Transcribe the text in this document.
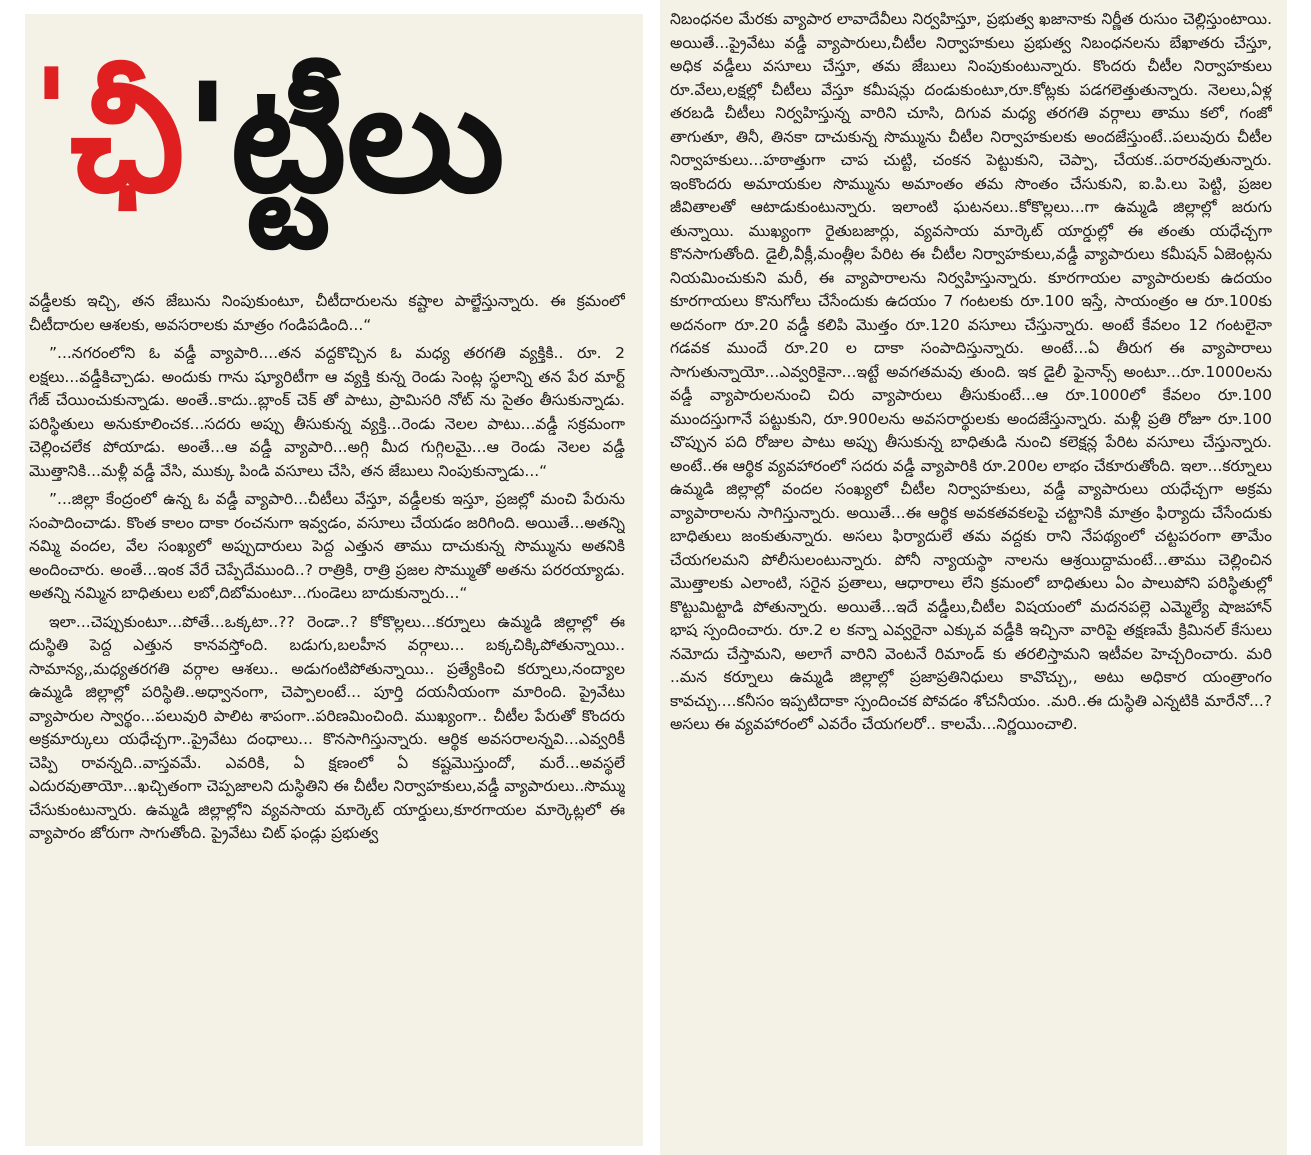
'ఛీ'ట్టీలు

వడ్డీలకు ఇచ్చి, తన జేబును నింపుకుంటూ, చీటీదారులను కష్టాల పాల్జేస్తున్నారు. ఈ క్రమంలో చీటీదారుల ఆశలకు, అవసరాలకు మాత్రం గండిపడింది...“

”...నగరంలోని ఓ వడ్డీ వ్యాపారి....తన వద్దకొచ్చిన ఓ మధ్య తరగతి వ్యక్తికి.. రూ. 2 లక్షలు...వడ్డీకిచ్చాడు. అందుకు గాను ష్యూరిటీగా ఆ వ్యక్తి కున్న రెండు సెంట్ల స్థలాన్ని తన పేర మార్ట్ గేజ్ చేయించుకున్నాడు. అంతే..కాదు..బ్లాంక్ చెక్ తో పాటు, ప్రామిసరి నోట్ ను సైతం తీసుకున్నాడు. పరిస్థితులు అనుకూలించక...సదరు అప్పు తీసుకున్న వ్యక్తి...రెండు నెలల పాటు...వడ్డీ సక్రమంగా చెల్లించలేక పోయాడు. అంతే...ఆ వడ్డీ వ్యాపారి...అగ్గి మీద గుగ్గిలమై...ఆ రెండు నెలల వడ్డీ మొత్తానికి...మళ్లీ వడ్డీ వేసి, ముక్కు పిండి వసూలు చేసి, తన జేబులు నింపుకున్నాడు...“

”...జిల్లా కేంద్రంలో ఉన్న ఓ వడ్డీ వ్యాపారి...చీటీలు వేస్తూ, వడ్డీలకు ఇస్తూ, ప్రజల్లో మంచి పేరును సంపాదించాడు. కొంత కాలం దాకా రంచనుగా ఇవ్వడం, వసూలు చేయడం జరిగింది. అయితే...అతన్ని నమ్మి వందల, వేల సంఖ్యలో అప్పుదారులు పెద్ద ఎత్తున తాము దాచుకున్న సొమ్మును అతనికి అందించారు. అంతే...ఇంక వేరే చెప్పేదేముంది..? రాత్రికి, రాత్రి ప్రజల సొమ్ముతో అతను పరరయ్యాడు. అతన్ని నమ్మిన బాధితులు లబో,దిబోమంటూ...గుండెలు బాదుకున్నారు...“

ఇలా...చెప్పుకుంటూ...పోతే...ఒక్కటా..?? రెండా..? కోకొల్లలు...కర్నూలు ఉమ్మడి జిల్లాల్లో ఈ దుస్థితి పెద్ద ఎత్తున కానవస్తోంది. బడుగు,బలహీన వర్గాలు... బక్కచిక్కిపోతున్నాయి.. సామాన్య,,మధ్యతరగతి వర్గాల ఆశలు.. అడుగంటిపోతున్నాయి.. ప్రత్యేకించి కర్నూలు,నంద్యాల ఉమ్మడి జిల్లాల్లో పరిస్థితి..అధ్వానంగా, చెప్పాలంటే... పూర్తి దయనీయంగా మారింది. ప్రైవేటు వ్యాపారుల స్వార్థం...పలువురి పాలిట శాపంగా..పరిణమించింది. ముఖ్యంగా.. చీటీల పేరుతో కొందరు అక్రమార్కులు యధేచ్చగా..ప్రైవేటు దంధాలు... కొనసాగిస్తున్నారు. ఆర్థిక అవసరాలన్నవి...ఎవ్వరికీ చెప్పి రావన్నది..వాస్తవమే. ఎవరికి, ఏ క్షణంలో ఏ కష్టమొస్తుందో, మరే...అవస్థలే ఎదురవుతాయో...ఖచ్చితంగా చెప్పజాలని దుస్థితిని ఈ చీటీల నిర్వాహకులు,వడ్డీ వ్యాపారులు..సొమ్ము చేసుకుంటున్నారు. ఉమ్మడి జిల్లాల్లోని వ్యవసాయ మార్కెట్ యార్డులు,కూరగాయల మార్కెట్లలో ఈ వ్యాపారం జోరుగా సాగుతోంది. ప్రైవేటు చిట్ ఫండ్లు ప్రభుత్వ

నిబంధనల మేరకు వ్యాపార లావాదేవీలు నిర్వహిస్తూ, ప్రభుత్వ ఖజానాకు నిర్ణీత రుసుం చెల్లిస్తుంటాయి. అయితే...ప్రైవేటు వడ్డీ వ్యాపారులు,చీటీల నిర్వాహకులు ప్రభుత్వ నిబంధనలను బేఖాతరు చేస్తూ, అధిక వడ్డీలు వసూలు చేస్తూ, తమ జేబులు నింపుకుంటున్నారు. కొందరు చీటీల నిర్వాహకులు రూ.వేలు,లక్షల్లో చీటీలు వేస్తూ కమీషన్లు దండుకుంటూ,రూ.కోట్లకు పడగలెత్తుతున్నారు. నెలలు,ఏళ్ల తరబడి చీటీలు నిర్వహిస్తున్న వారిని చూసి, దిగువ మధ్య తరగతి వర్గాలు తాము కలో, గంజో తాగుతూ, తినీ, తినకా దాచుకున్న సొమ్మును చీటీల నిర్వాహకులకు అందజేస్తుంటే..పలువురు చీటీల నిర్వాహకులు...హఠాత్తుగా చాప చుట్టి, చంకన పెట్టుకుని, చెప్పా, చేయక..పరారవుతున్నారు. ఇంకొందరు అమాయకుల సొమ్మును అమాంతం తమ సొంతం చేసుకుని, ఐ.పి.లు పెట్టి, ప్రజల జీవితాలతో ఆటాడుకుంటున్నారు. ఇలాంటి ఘటనలు..కోకొల్లలు...గా ఉమ్మడి జిల్లాల్లో జరుగు తున్నాయి. ముఖ్యంగా రైతుబజార్లు, వ్యవసాయ మార్కెట్ యార్డుల్లో ఈ తంతు యధేచ్చగా కొనసాగుతోంది. డైలీ,వీక్లీ,మంత్లీల పేరిట ఈ చీటీల నిర్వాహకులు,వడ్డీ వ్యాపారులు కమీషన్ ఏజెంట్లను నియమించుకుని మరీ, ఈ వ్యాపారాలను నిర్వహిస్తున్నారు. కూరగాయల వ్యాపారులకు ఉదయం కూరగాయలు కొనుగోలు చేసేందుకు ఉదయం 7 గంటలకు రూ.100 ఇస్తే, సాయంత్రం ఆ రూ.100కు అదనంగా రూ.20 వడ్డీ కలిపి మొత్తం రూ.120 వసూలు చేస్తున్నారు. అంటే కేవలం 12 గంటలైనా గడవక ముందే రూ.20 ల దాకా సంపాదిస్తున్నారు. అంటే...ఏ తీరుగ ఈ వ్యాపారాలు సాగుతున్నాయో...ఎవ్వరికైనా...ఇట్టే అవగతమవు తుంది. ఇక డైలీ ఫైనాన్స్ అంటూ...రూ.1000లను వడ్డీ వ్యాపారులనుంచి చిరు వ్యాపారులు తీసుకుంటే...ఆ రూ.1000లో కేవలం రూ.100 ముందస్తుగానే పట్టుకుని, రూ.900లను అవసరార్థులకు అందజేస్తున్నారు. మళ్లీ ప్రతి రోజూ రూ.100 చొప్పున పది రోజుల పాటు అప్పు తీసుకున్న బాధితుడి నుంచి కలెక్షన్ల పేరిట వసూలు చేస్తున్నారు. అంటే..ఈ ఆర్థిక వ్యవహారంలో సదరు వడ్డీ వ్యాపారికి రూ.200ల లాభం చేకూరుతోంది. ఇలా...కర్నూలు ఉమ్మడి జిల్లాల్లో వందల సంఖ్యలో చీటీల నిర్వాహకులు, వడ్డీ వ్యాపారులు యధేచ్చగా అక్రమ వ్యాపారాలను సాగిస్తున్నారు. అయితే...ఈ ఆర్థిక అవకతవకలపై చట్టానికి మాత్రం ఫిర్యాదు చేసేందుకు బాధితులు జంకుతున్నారు. అసలు ఫిర్యాదులే తమ వద్దకు రాని నేపథ్యంలో చట్టపరంగా తామేం చేయగలమని పోలీసులంటున్నారు. పోనీ న్యాయస్థా నాలను ఆశ్రయిద్దామంటే...తాము చెల్లించిన మొత్తాలకు ఎలాంటి, సరైన ప్రతాలు, ఆధారాలు లేని క్రమంలో బాధితులు ఏం పాలుపోని పరిస్థితుల్లో కొట్టుమిట్టాడి పోతున్నారు. అయితే...ఇదే వడ్డీలు,చీటీల విషయంలో మదనపల్లె ఎమ్మెల్యే షాజహాన్ భాష స్పందించారు. రూ.2 ల కన్నా ఎవ్వరైనా ఎక్కువ వడ్డీకి ఇచ్చినా వారిపై తక్షణమే క్రిమినల్ కేసులు నమోదు చేస్తామని, అలాగే వారిని వెంటనే రిమాండ్ కు తరలిస్తామని ఇటీవల హెచ్చరించారు. మరి ..మన కర్నూలు ఉమ్మడి జిల్లాల్లో ప్రజాప్రతినిధులు కావొచ్చు,, అటు అధికార యంత్రాంగం కావచ్చు....కనీసం ఇప్పటిదాకా స్పందించక పోవడం శోచనీయం. .మరి..ఈ దుస్థితి ఎన్నటికి మారేనో...? అసలు ఈ వ్యవహారంలో ఎవరేం చేయగలరో.. కాలమే...నిర్ణయించాలి.
